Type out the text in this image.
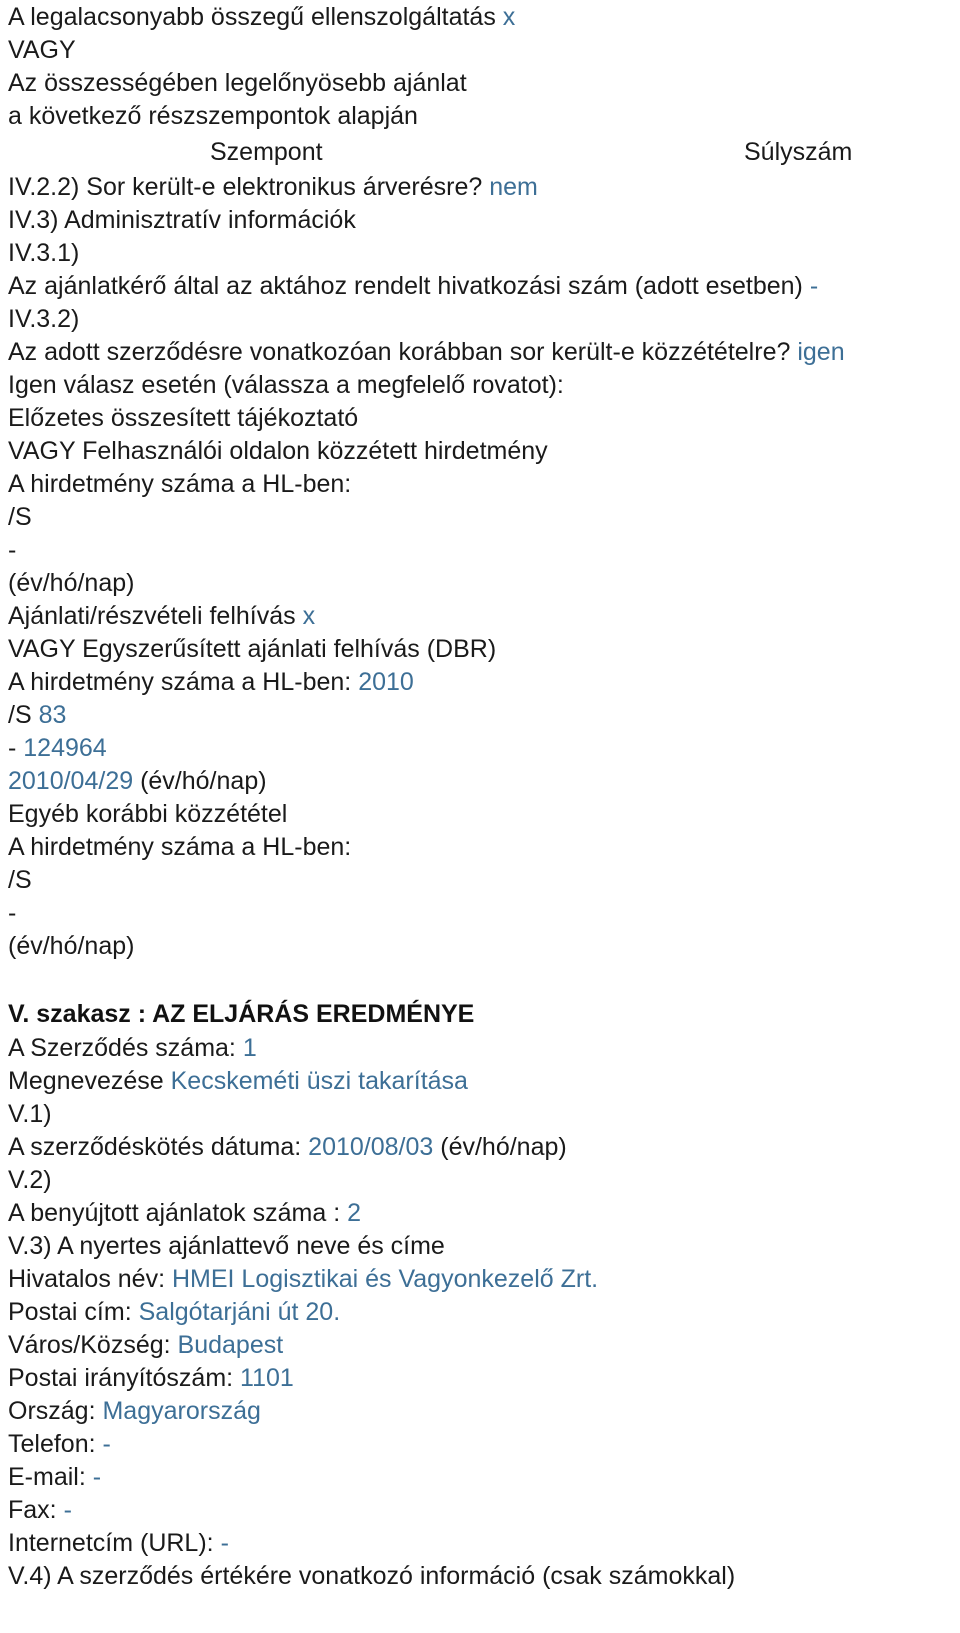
A legalacsonyabb összegű ellenszolgáltatás x
VAGY
Az összességében legelőnyösebb ajánlat
a következő részszempontok alapján
Szempont	Súlyszám
IV.2.2) Sor került-e elektronikus árverésre? nem
IV.3) Adminisztratív információk
IV.3.1)
Az ajánlatkérő által az aktához rendelt hivatkozási szám (adott esetben) -
IV.3.2)
Az adott szerződésre vonatkozóan korábban sor került-e közzétételre? igen
Igen válasz esetén (válassza a megfelelő rovatot):
Előzetes összesített tájékoztató
VAGY Felhasználói oldalon közzétett hirdetmény
A hirdetmény száma a HL-ben:
/S
-
(év/hó/nap)
Ajánlati/részvételi felhívás x
VAGY Egyszerűsített ajánlati felhívás (DBR)
A hirdetmény száma a HL-ben: 2010
/S 83
- 124964
2010/04/29 (év/hó/nap)
Egyéb korábbi közzététel
A hirdetmény száma a HL-ben:
/S
-
(év/hó/nap)
V. szakasz : AZ ELJÁRÁS EREDMÉNYE
A Szerződés száma: 1
Megnevezése Kecskeméti üszi takarítása
V.1)
A szerződéskötés dátuma: 2010/08/03 (év/hó/nap)
V.2)
A benyújtott ajánlatok száma : 2
V.3) A nyertes ajánlattevő neve és címe
Hivatalos név: HMEI Logisztikai és Vagyonkezelő Zrt.
Postai cím: Salgótarjáni út 20.
Város/Község: Budapest
Postai irányítószám: 1101
Ország: Magyarország
Telefon: -
E-mail: -
Fax: -
Internetcím (URL): -
V.4) A szerződés értékére vonatkozó információ (csak számokkal)
